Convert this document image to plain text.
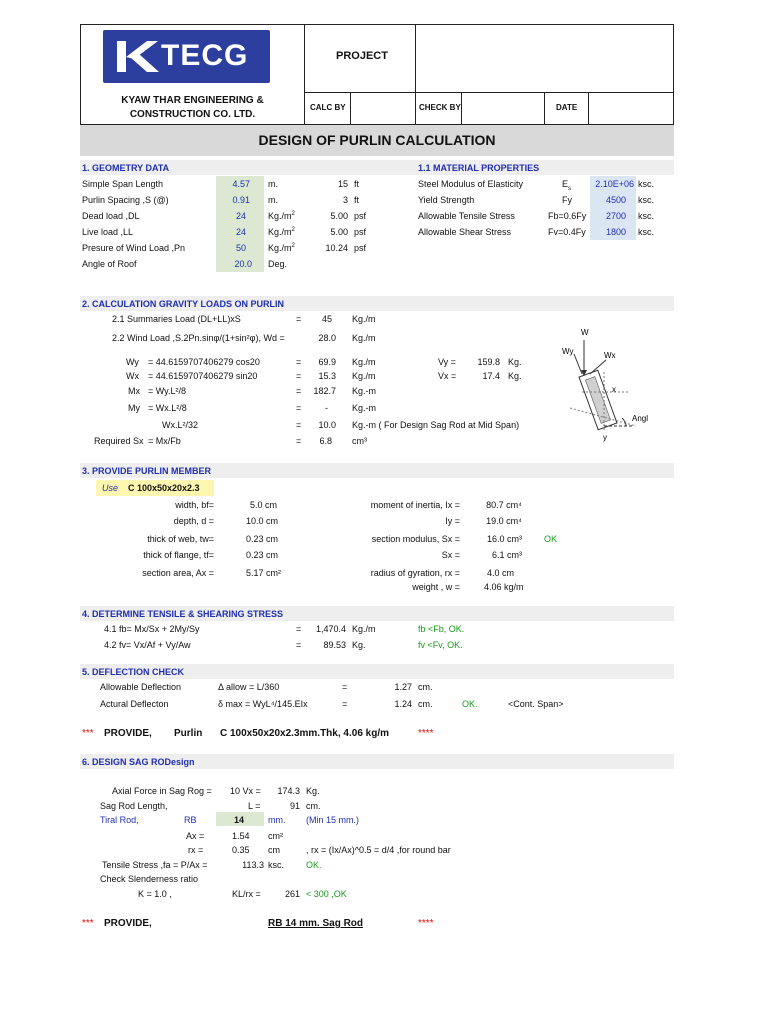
TECG
KYAW THAR ENGINEERING &
CONSTRUCTION CO. LTD.
PROJECT
CALC BY	CHECK BY	DATE
DESIGN OF PURLIN CALCULATION
1. GEOMETRY DATA	1.1 MATERIAL PROPERTIES
Simple Span Length	4.57 m.	15 ft
Purlin Spacing ,S (@)	0.91 m.	3 ft
Dead load ,DL	24 $Kg./m^2$	5.00 psf
Live load ,LL	24 $Kg./m^2$	5.00 psf
Presure of Wind Load ,Pn	50 $Kg./m^2$	10.24 psf
Angle of Roof	20.0 Deg.
Steel Modulus of Elasticity	$E_s$	2.10E+06 ksc.
Yield Strength	Fy	4500 ksc.
Allowable Tensile Stress	Fb=0.6Fy	2700 ksc.
Allowable Shear Stress	Fv=0.4Fy	1800 ksc.
2. CALCULATION GRAVITY LOADS ON PURLIN
2.1 Summaries Load (DL+LL)xS	=	45 Kg./m
2.2 Wind Load ,S.2Pn.sinφ/(1+sin²φ), Wd =	28.0 Kg./m
Wy = 44.6159707406279 cos20	=	69.9 Kg./m	Vy =	159.8 Kg.
Wx = 44.6159707406279 sin20	=	15.3 Kg./m	Vx =	17.4 Kg.
Mx = Wy.L²/8	=	182.7 Kg.-m
My = Wx.L²/8	=	-	Kg.-m
Wx.L²/32	=	10.0 Kg.-m ( For Design Sag Rod at Mid Span)
Required Sx = Mx/Fb	=	6.8 cm³
W
Wy	Wx
x
y
Angl
3. PROVIDE PURLIN MEMBER
Use C 100x50x20x2.3
width, bf=	5.0 cm
depth, d =	10.0 cm
thick of web, tw=	0.23 cm
thick of flange, tf=	0.23 cm
section area, Ax =	5.17 cm²
moment of inertia, Ix =	80.7 cm⁴
Iy =	19.0 cm⁴
section modulus, Sx =	16.0 cm³ OK
Sx =	6.1 cm³
radius of gyration, rx =	4.0 cm
weight , w =	4.06 kg/m
4. DETERMINE TENSILE & SHEARING STRESS
4.1 fb= Mx/Sx + 2My/Sy	=	1,470.4 Kg./m	fb <Fb, OK.
4.2 fv= Vx/Af + Vy/Aw	=	89.53 Kg.	fv <Fv, OK.
5. DEFLECTION CHECK
Allowable Deflection	Δ allow = L/360	=	1.27 cm.
Actural Deflecton	δ max = WyL⁴/145.EIx	=	1.24 cm.	OK.	<Cont. Span>
*** PROVIDE, Purlin C 100x50x20x2.3mm.Thk, 4.06 kg/m	****
6. DESIGN SAG RODesign
Axial Force in Sag Rog = 10 Vx =	174.3 Kg.
Sag Rod Length,	L =	91 cm.
Tiral Rod,	RB	14	mm. (Min 15 mm.)
Ax =	1.54 cm²
rx =	0.35 cm	, rx = (Ix/Ax)^0.5 = d/4 ,for round bar
Tensile Stress ,fa = P/Ax =	113.3 ksc. OK.
Check Slenderness ratio
K = 1.0 ,	KL/rx =	261 < 300 ,OK
*** PROVIDE,	RB 14 mm. Sag Rod	****
